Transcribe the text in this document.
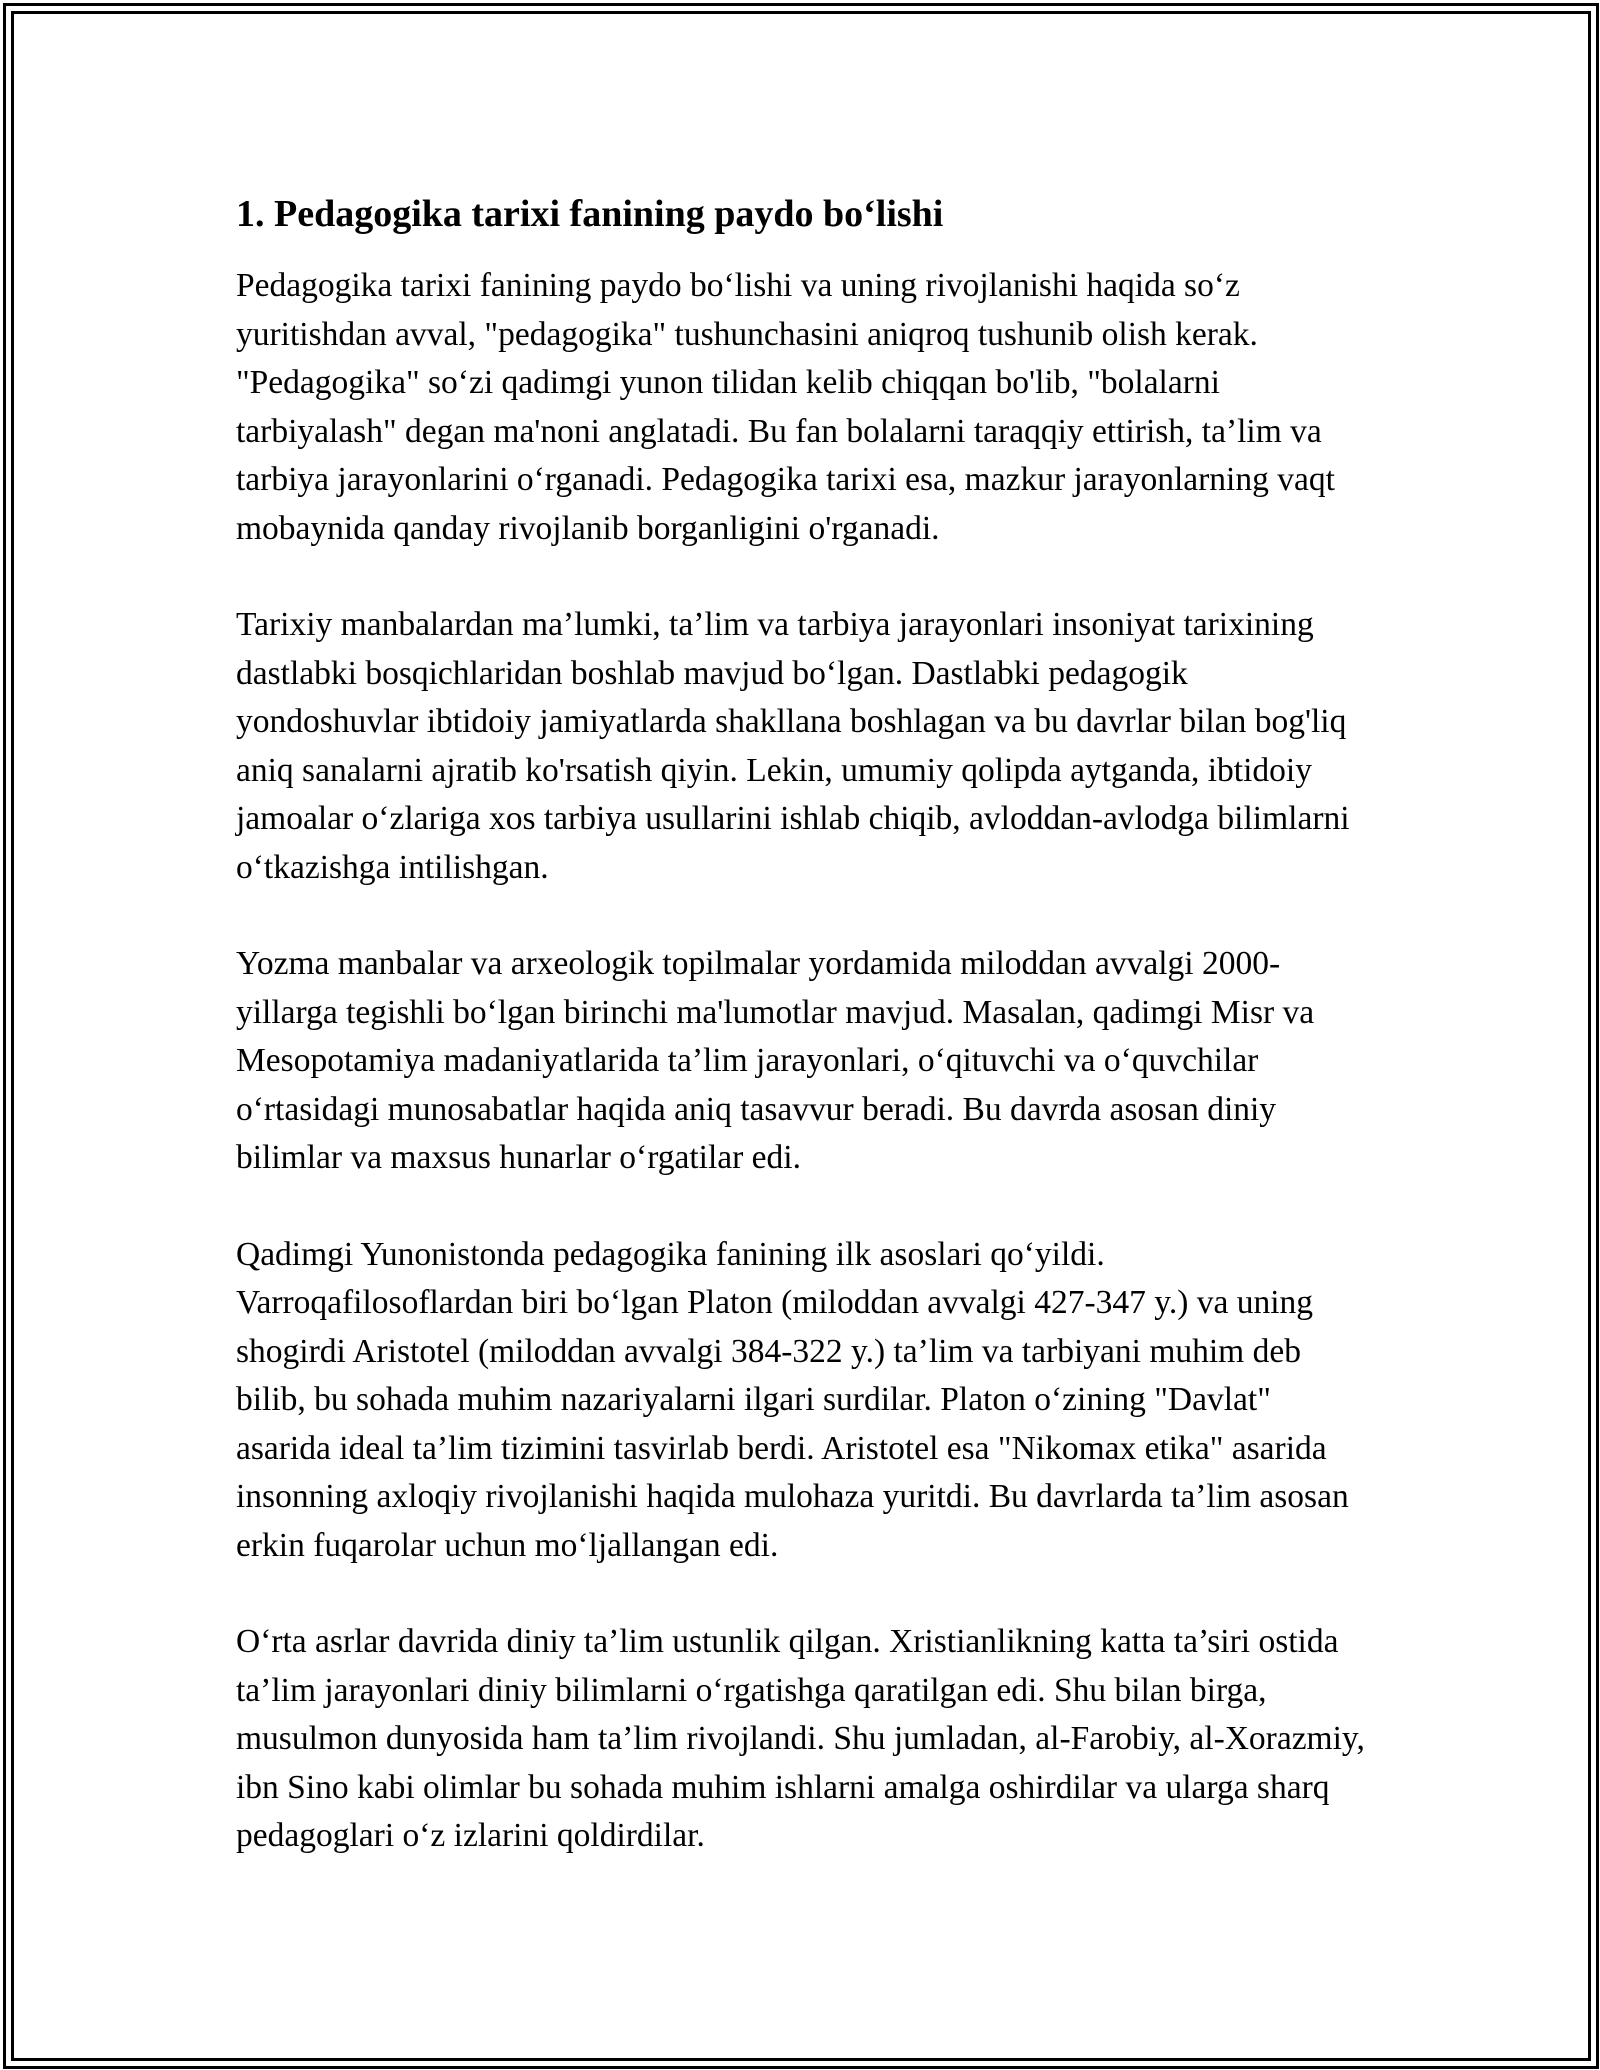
1. Pedagogika tarixi fanining paydo bo‘lishi

Pedagogika tarixi fanining paydo bo‘lishi va uning rivojlanishi haqida so‘z yuritishdan avval, "pedagogika" tushunchasini aniqroq tushunib olish kerak. "Pedagogika" so‘zi qadimgi yunon tilidan kelib chiqqan bo'lib, "bolalarni tarbiyalash" degan ma'noni anglatadi. Bu fan bolalarni taraqqiy ettirish, ta’lim va tarbiya jarayonlarini o‘rganadi. Pedagogika tarixi esa, mazkur jarayonlarning vaqt mobaynida qanday rivojlanib borganligini o'rganadi.

Tarixiy manbalardan ma’lumki, ta’lim va tarbiya jarayonlari insoniyat tarixining dastlabki bosqichlaridan boshlab mavjud bo‘lgan. Dastlabki pedagogik yondoshuvlar ibtidoiy jamiyatlarda shakllana boshlagan va bu davrlar bilan bog'liq aniq sanalarni ajratib ko'rsatish qiyin. Lekin, umumiy qolipda aytganda, ibtidoiy jamoalar o‘zlariga xos tarbiya usullarini ishlab chiqib, avloddan-avlodga bilimlarni o‘tkazishga intilishgan.

Yozma manbalar va arxeologik topilmalar yordamida miloddan avvalgi 2000-yillarga tegishli bo‘lgan birinchi ma'lumotlar mavjud. Masalan, qadimgi Misr va Mesopotamiya madaniyatlarida ta’lim jarayonlari, o‘qituvchi va o‘quvchilar o‘rtasidagi munosabatlar haqida aniq tasavvur beradi. Bu davrda asosan diniy bilimlar va maxsus hunarlar o‘rgatilar edi.

Qadimgi Yunonistonda pedagogika fanining ilk asoslari qo‘yildi. Varroqafilosoflardan biri bo‘lgan Platon (miloddan avvalgi 427-347 y.) va uning shogirdi Aristotel (miloddan avvalgi 384-322 y.) ta’lim va tarbiyani muhim deb bilib, bu sohada muhim nazariyalarni ilgari surdilar. Platon o‘zining "Davlat" asarida ideal ta’lim tizimini tasvirlab berdi. Aristotel esa "Nikomax etika" asarida insonning axloqiy rivojlanishi haqida mulohaza yuritdi. Bu davrlarda ta’lim asosan erkin fuqarolar uchun mo‘ljallangan edi.

O‘rta asrlar davrida diniy ta’lim ustunlik qilgan. Xristianlikning katta ta’siri ostida ta’lim jarayonlari diniy bilimlarni o‘rgatishga qaratilgan edi. Shu bilan birga, musulmon dunyosida ham ta’lim rivojlandi. Shu jumladan, al-Farobiy, al-Xorazmiy, ibn Sino kabi olimlar bu sohada muhim ishlarni amalga oshirdilar va ularga sharq pedagoglari o‘z izlarini qoldirdilar.
